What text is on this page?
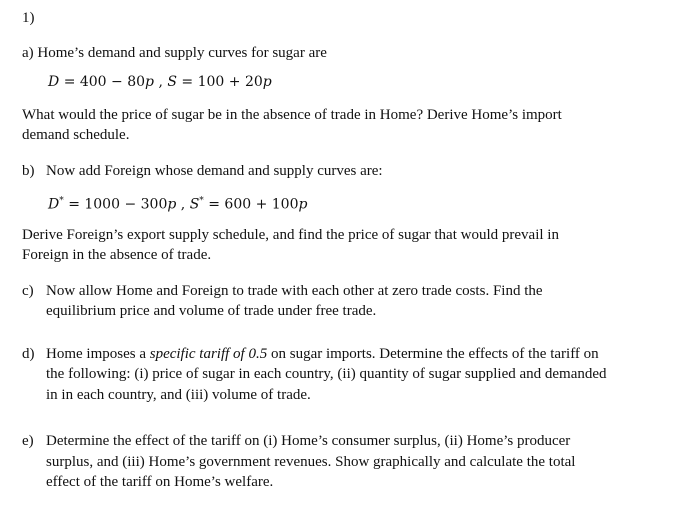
1)
a) Home’s demand and supply curves for sugar are
D = 400 − 80p , S = 100 + 20p
What would the price of sugar be in the absence of trade in Home? Derive Home’s import
demand schedule.
b) Now add Foreign whose demand and supply curves are:
D* = 1000 − 300p , S* = 600 + 100p
Derive Foreign’s export supply schedule, and find the price of sugar that would prevail in
Foreign in the absence of trade.
c) Now allow Home and Foreign to trade with each other at zero trade costs. Find the
equilibrium price and volume of trade under free trade.
d) Home imposes a specific tariff of 0.5 on sugar imports. Determine the effects of the tariff on
the following: (i) price of sugar in each country, (ii) quantity of sugar supplied and demanded
in in each country, and (iii) volume of trade.
e) Determine the effect of the tariff on (i) Home’s consumer surplus, (ii) Home’s producer
surplus, and (iii) Home’s government revenues. Show graphically and calculate the total
effect of the tariff on Home’s welfare.
